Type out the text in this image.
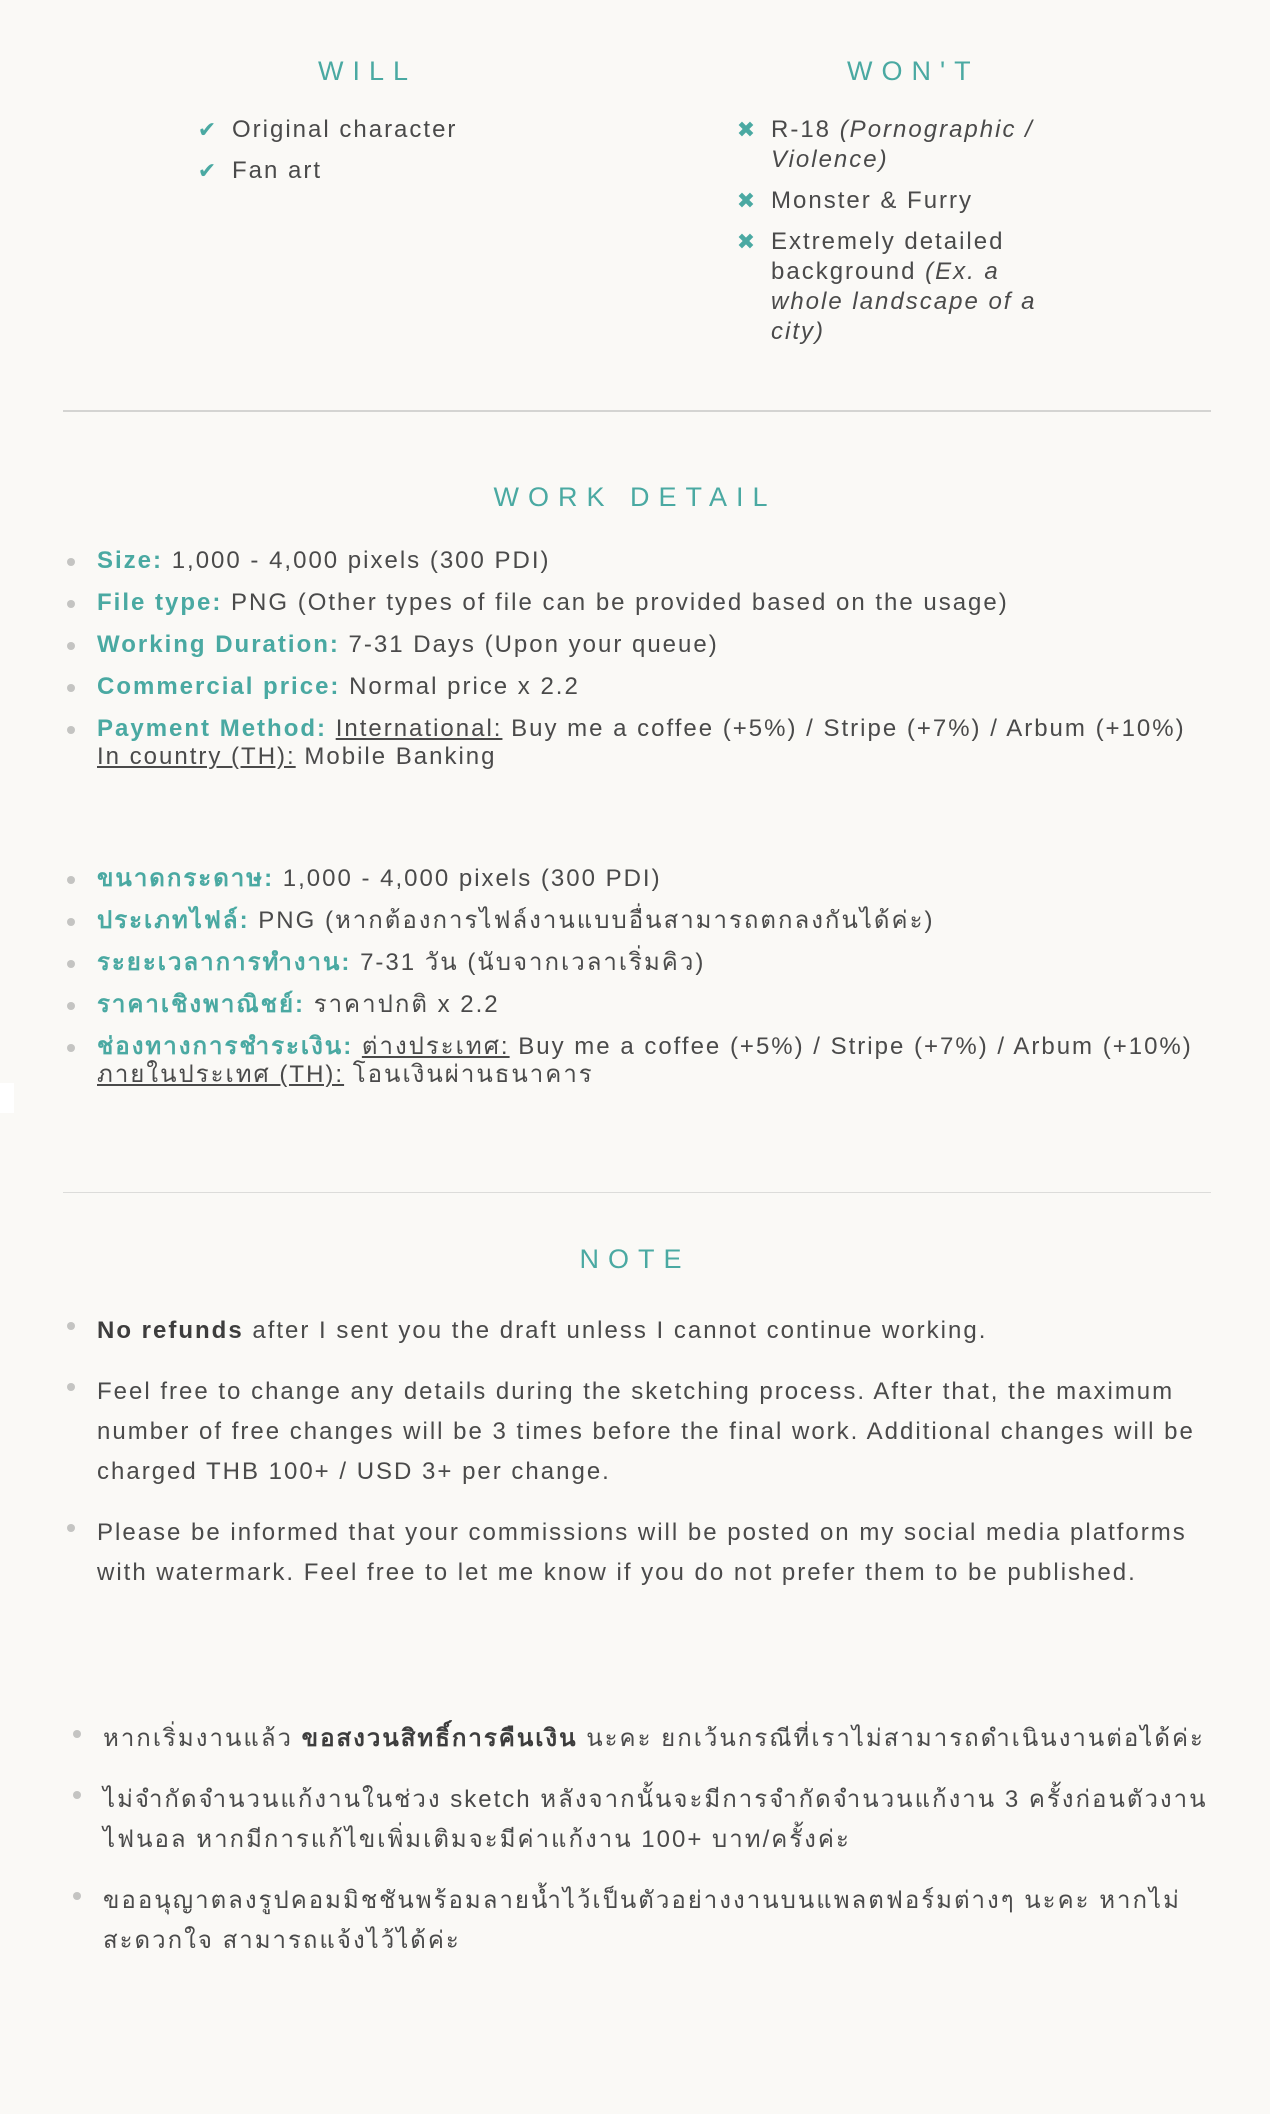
WILL
✔ Original character
✔ Fan art
WON'T
✖ R-18 (Pornographic / Violence)
✖ Monster & Furry
✖ Extremely detailed background (Ex. a whole landscape of a city)
WORK DETAIL
Size: 1,000 - 4,000 pixels (300 PDI)
File type: PNG (Other types of file can be provided based on the usage)
Working Duration: 7-31 Days (Upon your queue)
Commercial price: Normal price x 2.2
Payment Method: International: Buy me a coffee (+5%) / Stripe (+7%) / Arbum (+10%)
In country (TH): Mobile Banking
ขนาดกระดาษ: 1,000 - 4,000 pixels (300 PDI)
ประเภทไฟล์: PNG (หากต้องการไฟล์งานแบบอื่นสามารถตกลงกันได้ค่ะ)
ระยะเวลาการทำงาน: 7-31 วัน (นับจากเวลาเริ่มคิว)
ราคาเชิงพาณิชย์: ราคาปกติ x 2.2
ช่องทางการชำระเงิน: ต่างประเทศ: Buy me a coffee (+5%) / Stripe (+7%) / Arbum (+10%)
ภายในประเทศ (TH): โอนเงินผ่านธนาคาร
NOTE
No refunds after I sent you the draft unless I cannot continue working.
Feel free to change any details during the sketching process. After that, the maximum number of free changes will be 3 times before the final work. Additional changes will be charged THB 100+ / USD 3+ per change.
Please be informed that your commissions will be posted on my social media platforms with watermark. Feel free to let me know if you do not prefer them to be published.
หากเริ่มงานแล้ว ขอสงวนสิทธิ์การคืนเงิน นะคะ ยกเว้นกรณีที่เราไม่สามารถดำเนินงานต่อได้ค่ะ
ไม่จำกัดจำนวนแก้งานในช่วง sketch หลังจากนั้นจะมีการจำกัดจำนวนแก้งาน 3 ครั้งก่อนตัวงานไฟนอล หากมีการแก้ไขเพิ่มเติมจะมีค่าแก้งาน 100+ บาท/ครั้งค่ะ
ขออนุญาตลงรูปคอมมิชชันพร้อมลายน้ำไว้เป็นตัวอย่างงานบนแพลตฟอร์มต่างๆ นะคะ หากไม่สะดวกใจ สามารถแจ้งไว้ได้ค่ะ
